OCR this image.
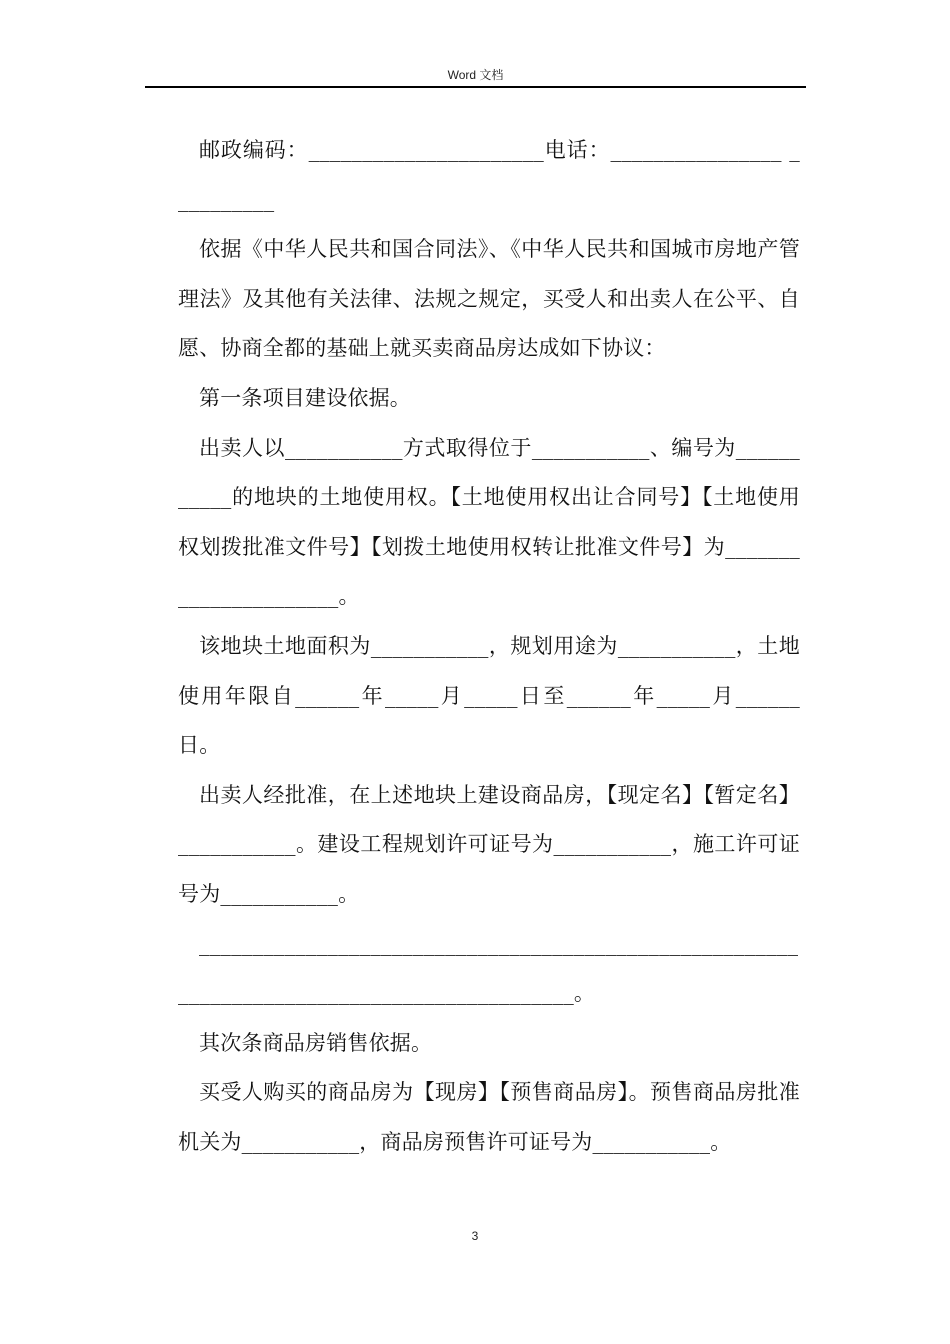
Word 文档

邮政编码：______________________电话：________________ __________

依据《中华人民共和国合同法》、《中华人民共和国城市房地产管理法》及其他有关法律、法规之规定，买受人和出卖人在公平、自愿、协商全都的基础上就买卖商品房达成如下协议：

第一条项目建设依据。

出卖人以___________方式取得位于___________、编号为___________的地块的土地使用权。【土地使用权出让合同号】【土地使用权划拨批准文件号】【划拨土地使用权转让批准文件号】为______________________。

该地块土地面积为___________，规划用途为___________，土地使用年限自______年_____月_____日至______年_____月______日。

出卖人经批准，在上述地块上建设商品房，【现定名】【暂定名】___________。建设工程规划许可证号为___________，施工许可证号为___________。

_____________________________________________________________________________________________。

其次条商品房销售依据。

买受人购买的商品房为【现房】【预售商品房】。预售商品房批准机关为___________，商品房预售许可证号为___________。

3
